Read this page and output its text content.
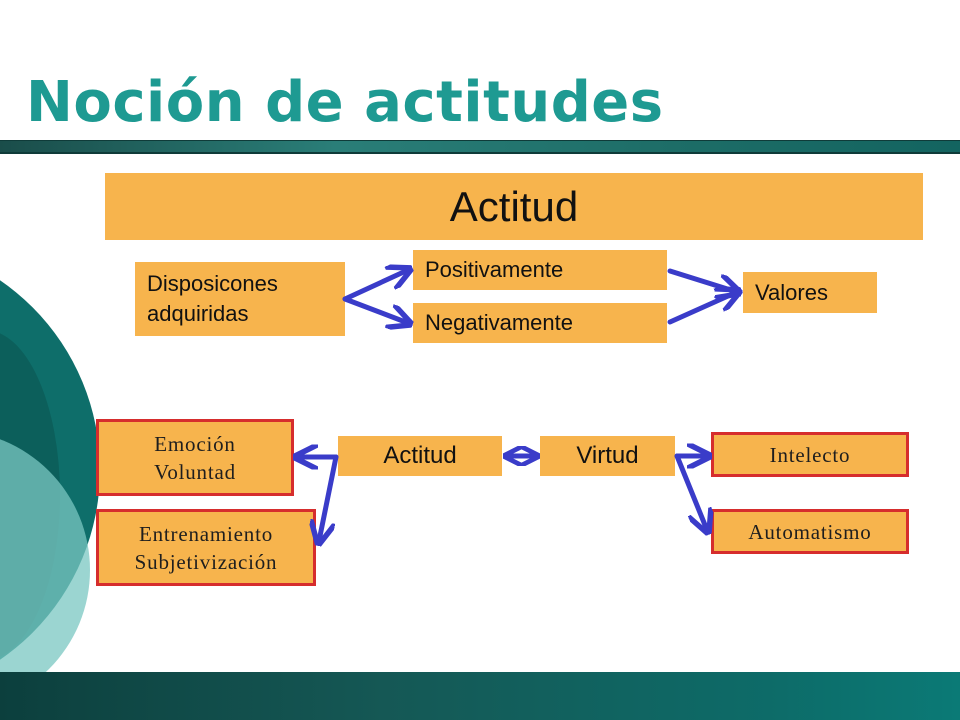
Noción de actitudes
Actitud
Disposicones
adquiridas
Positivamente
Negativamente
Valores
Actitud	Virtud
Emoción
Voluntad
Entrenamiento
Subjetivización
Intelecto
Automatismo
